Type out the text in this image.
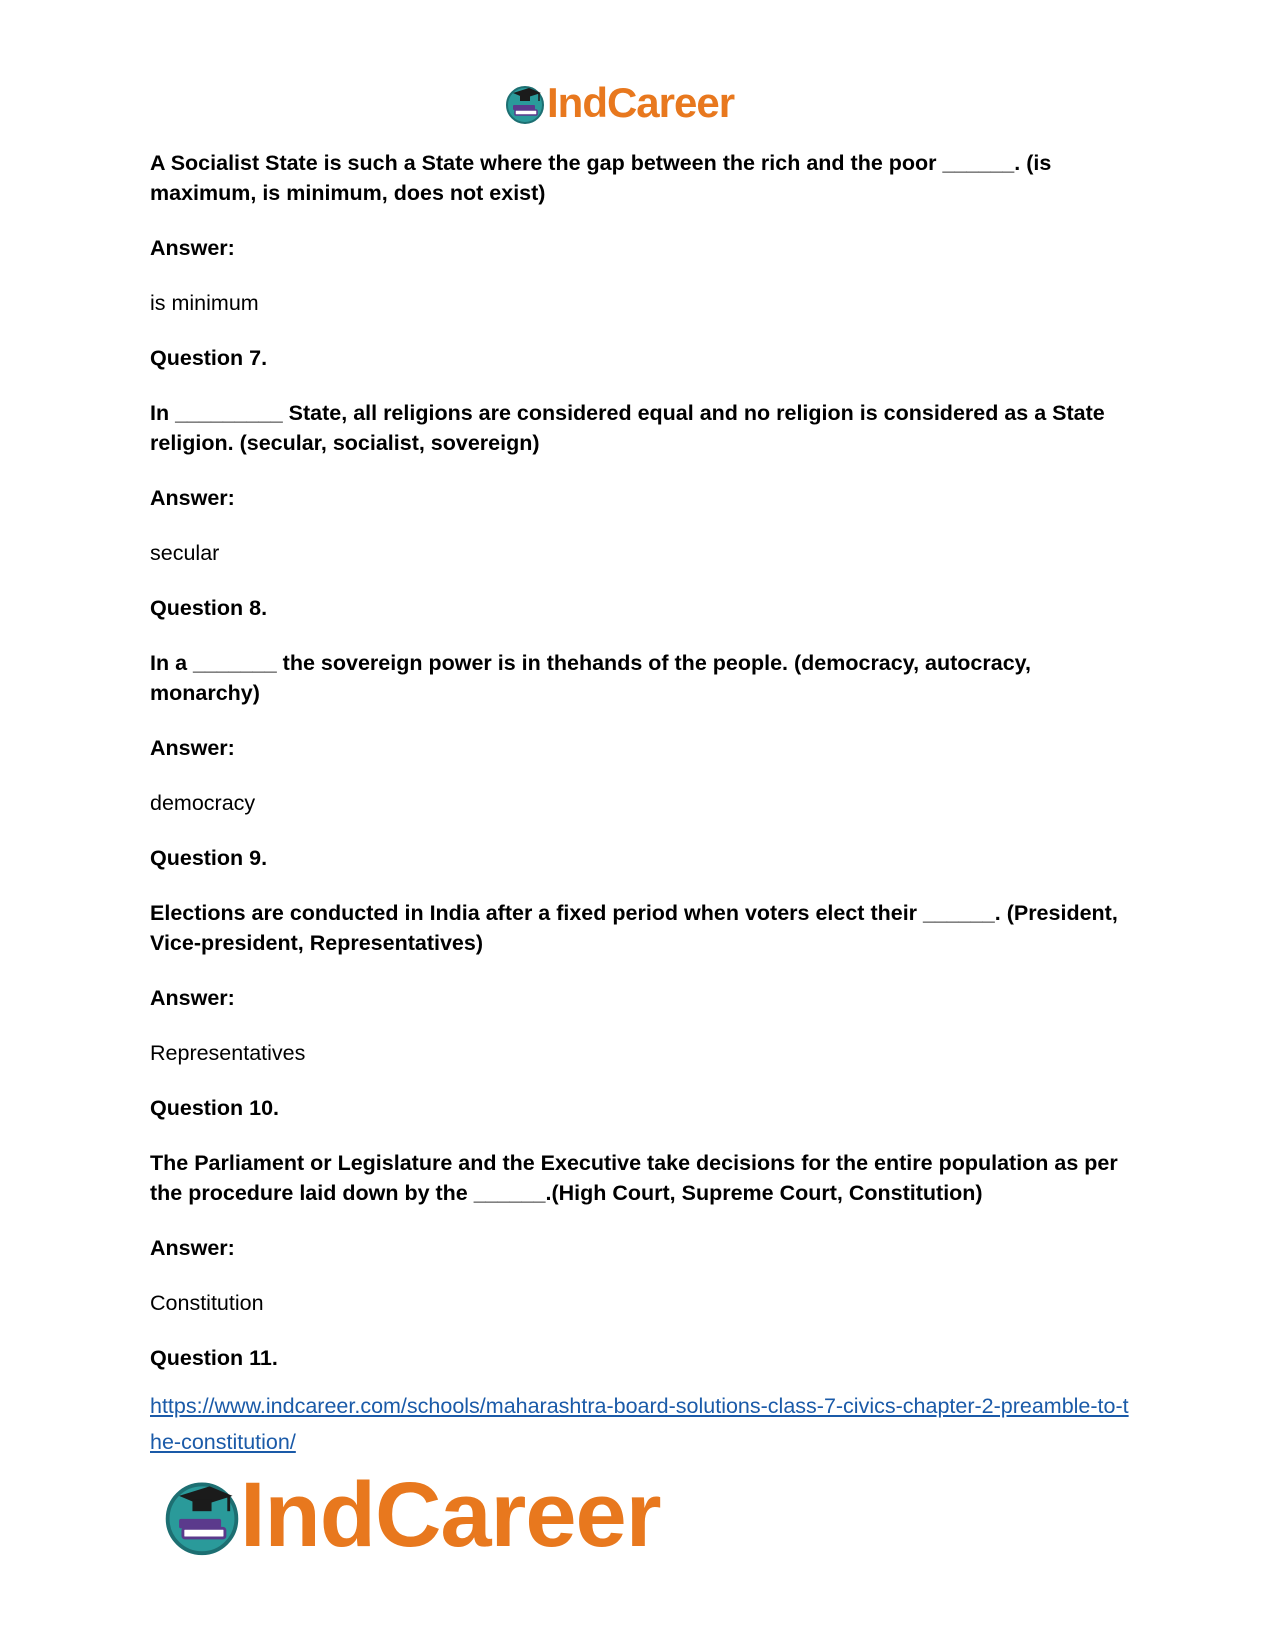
IndCareer

A Socialist State is such a State where the gap between the rich and the poor ______. (is maximum, is minimum, does not exist)

Answer:

is minimum

Question 7.

In _________ State, all religions are considered equal and no religion is considered as a State religion. (secular, socialist, sovereign)

Answer:

secular

Question 8.

In a _______ the sovereign power is in thehands of the people. (democracy, autocracy, monarchy)

Answer:

democracy

Question 9.

Elections are conducted in India after a fixed period when voters elect their ______. (President, Vice-president, Representatives)

Answer:

Representatives

Question 10.

The Parliament or Legislature and the Executive take decisions for the entire population as per the procedure laid down by the ______.(High Court, Supreme Court, Constitution)

Answer:

Constitution

Question 11.

https://www.indcareer.com/schools/maharashtra-board-solutions-class-7-civics-chapter-2-preamble-to-the-constitution/
IndCareer
